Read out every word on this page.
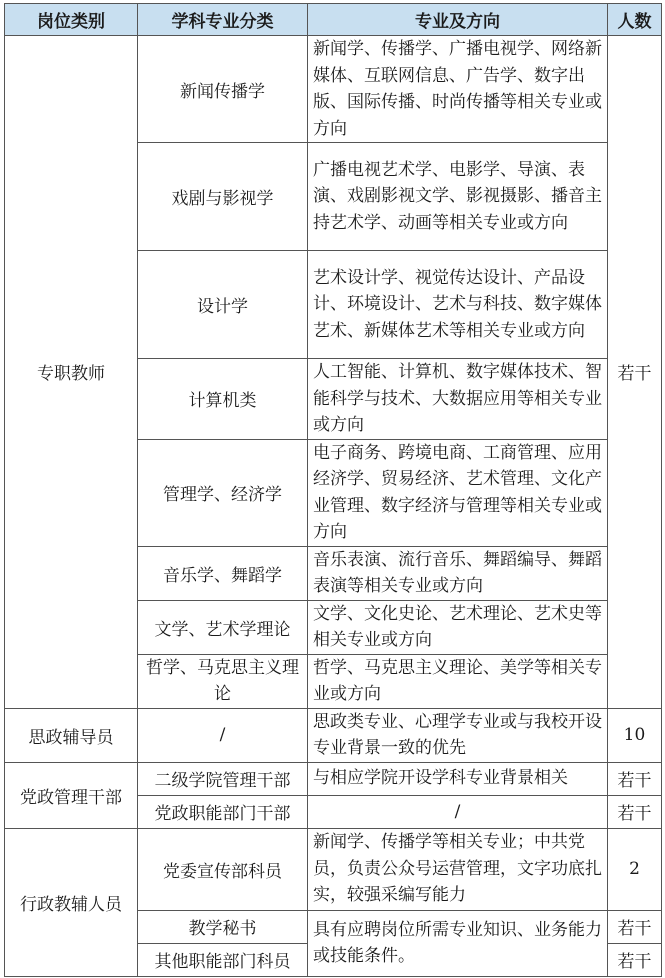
岗位类别	学科专业分类	专业及方向	人数
专职教师	新闻传播学	新闻学、传播学、广播电视学、网络新媒体、互联网信息、广告学、数字出版、国际传播、时尚传播等相关专业或方向	若干
	戏剧与影视学	广播电视艺术学、电影学、导演、表演、戏剧影视文学、影视摄影、播音主持艺术学、动画等相关专业或方向	
	设计学	艺术设计学、视觉传达设计、产品设计、环境设计、艺术与科技、数字媒体艺术、新媒体艺术等相关专业或方向	
	计算机类	人工智能、计算机、数字媒体技术、智能科学与技术、大数据应用等相关专业或方向	
	管理学、经济学	电子商务、跨境电商、工商管理、应用经济学、贸易经济、艺术管理、文化产业管理、数字经济与管理等相关专业或方向	
	音乐学、舞蹈学	音乐表演、流行音乐、舞蹈编导、舞蹈表演等相关专业或方向	
	文学、艺术学理论	文学、文化史论、艺术理论、艺术史等相关专业或方向	
	哲学、马克思主义理论	哲学、马克思主义理论、美学等相关专业或方向	
思政辅导员	/	思政类专业、心理学专业或与我校开设专业背景一致的优先	10
党政管理干部	二级学院管理干部	与相应学院开设学科专业背景相关	若干
	党政职能部门干部	/	若干
行政教辅人员	党委宣传部科员	新闻学、传播学等相关专业；中共党员，负责公众号运营管理，文字功底扎实，较强采编写能力	2
	教学秘书	具有应聘岗位所需专业知识、业务能力或技能条件。	若干
	其他职能部门科员		若干
